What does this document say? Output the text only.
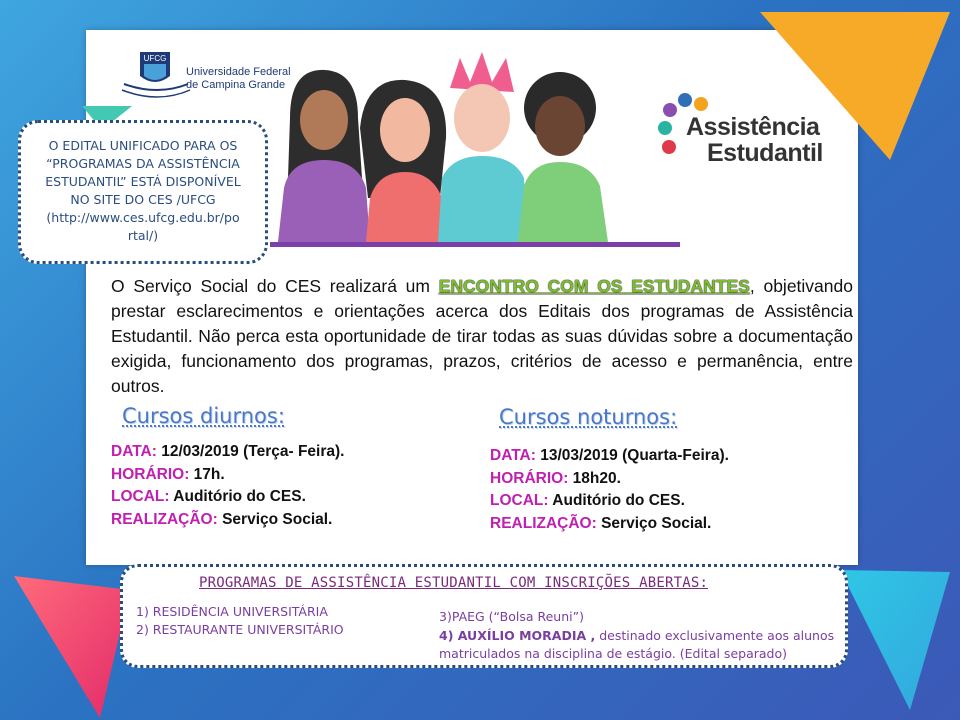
UFCG
Universidade Federal
de Campina Grande
O EDITAL UNIFICADO PARA OS
“PROGRAMAS DA ASSISTÊNCIA
ESTUDANTIL” ESTÁ DISPONÍVEL
NO SITE DO CES /UFCG
(http://www.ces.ufcg.edu.br/po
rtal/)
Assistência
Estudantil
O Serviço Social do CES realizará um ENCONTRO COM OS ESTUDANTES, objetivando prestar esclarecimentos e orientações acerca dos Editais dos programas de Assistência Estudantil. Não perca esta oportunidade de tirar todas as suas dúvidas sobre a documentação exigida, funcionamento dos programas, prazos, critérios de acesso e permanência, entre outros.
Cursos diurnos:	Cursos noturnos:
DATA: 12/03/2019 (Terça- Feira).
HORÁRIO: 17h.
LOCAL: Auditório do CES.
REALIZAÇÃO: Serviço Social.
DATA: 13/03/2019 (Quarta-Feira).
HORÁRIO: 18h20.
LOCAL: Auditório do CES.
REALIZAÇÃO: Serviço Social.
PROGRAMAS DE ASSISTÊNCIA ESTUDANTIL COM INSCRIÇÕES ABERTAS:
1) RESIDÊNCIA UNIVERSITÁRIA
2) RESTAURANTE UNIVERSITÁRIO
3)PAEG (“Bolsa Reuni”)
4) AUXÍLIO MORADIA , destinado exclusivamente aos alunos
matriculados na disciplina de estágio. (Edital separado)
